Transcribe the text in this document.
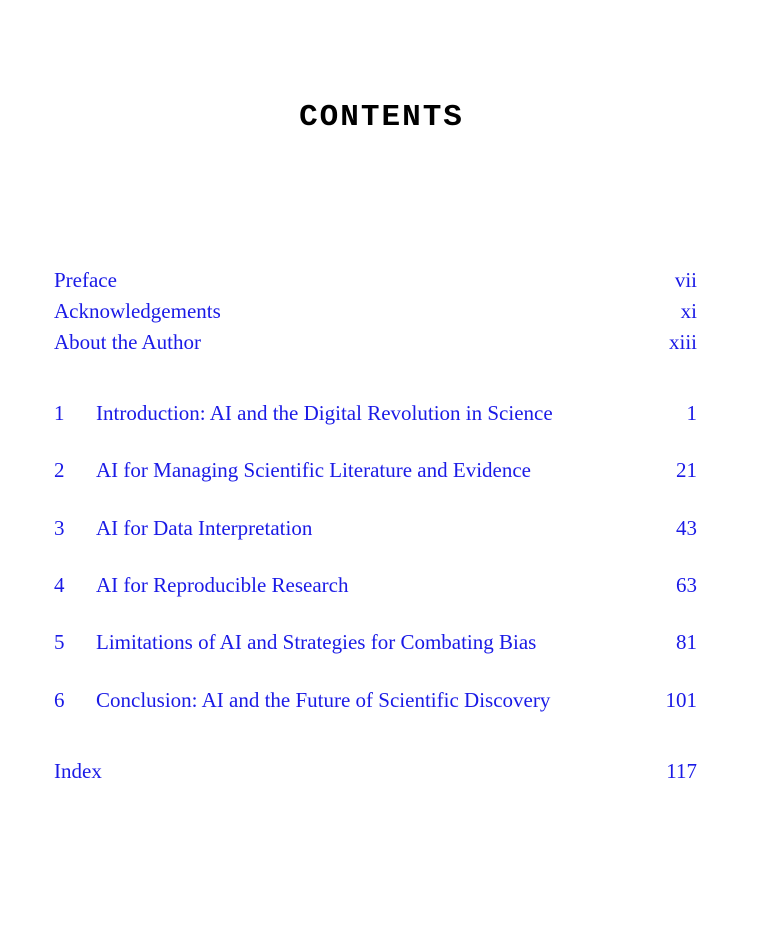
CONTENTS
Preface	vii
Acknowledgements	xi
About the Author	xiii
1 Introduction: AI and the Digital Revolution in Science	1
2 AI for Managing Scientific Literature and Evidence	21
3 AI for Data Interpretation	43
4 AI for Reproducible Research	63
5 Limitations of AI and Strategies for Combating Bias	81
6 Conclusion: AI and the Future of Scientific Discovery	101
Index	117
